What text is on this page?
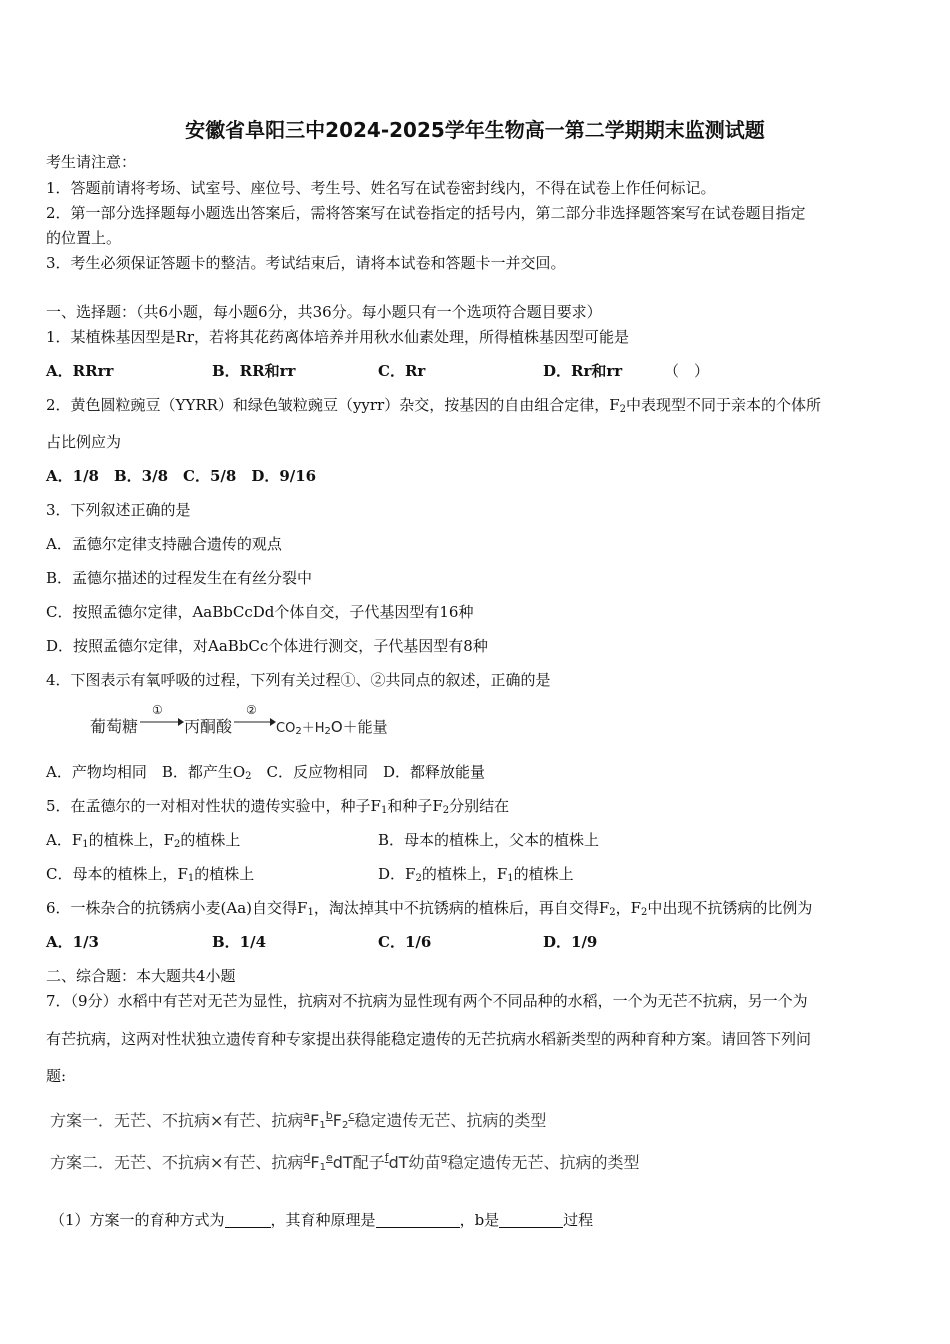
安徽省阜阳三中2024-2025学年生物高一第二学期期末监测试题
考生请注意：
1．答题前请将考场、试室号、座位号、考生号、姓名写在试卷密封线内，不得在试卷上作任何标记。
2．第一部分选择题每小题选出答案后，需将答案写在试卷指定的括号内，第二部分非选择题答案写在试卷题目指定
的位置上。
3．考生必须保证答题卡的整洁。考试结束后，请将本试卷和答题卡一并交回。
一、选择题：（共6小题，每小题6分，共36分。每小题只有一个选项符合题目要求）
1．某植株基因型是Rr，若将其花药离体培养并用秋水仙素处理，所得植株基因型可能是
A．RRrr	B．RR和rr	C．Rr	D．Rr和rr	（　）
2．黄色圆粒豌豆（YYRR）和绿色皱粒豌豆（yyrr）杂交，按基因的自由组合定律，$F_2$中表现型不同于亲本的个体所
占比例应为
A．1/8　B．3/8　C．5/8　D．9/16
3．下列叙述正确的是
A．孟德尔定律支持融合遗传的观点
B．孟德尔描述的过程发生在有丝分裂中
C．按照孟德尔定律，AaBbCcDd个体自交，子代基因型有16种
D．按照孟德尔定律，对AaBbCc个体进行测交，子代基因型有8种
4．下图表示有氧呼吸的过程，下列有关过程①、②共同点的叙述，正确的是
葡萄糖
①
丙酮酸
②
$CO_2+H_2O+$能量
A．产物均相同　B．都产生$O_2$　C．反应物相同　D．都释放能量
5．在孟德尔的一对相对性状的遗传实验中，种子$F_1$和种子$F_2$分别结在
A．$F_1$的植株上，$F_2$的植株上	B．母本的植株上，父本的植株上
C．母本的植株上，$F_1$的植株上	D．$F_2$的植株上，$F_1$的植株上
6．一株杂合的抗锈病小麦(Aa)自交得$F_1$，淘汰掉其中不抗锈病的植株后，再自交得$F_2$，$F_2$中出现不抗锈病的比例为
A．1/3	B．1/4	C．1/6	D．1/9
二、综合题：本大题共4小题
7．（9分）水稻中有芒对无芒为显性，抗病对不抗病为显性现有两个不同品种的水稻，一个为无芒不抗病，另一个为
有芒抗病，这两对性状独立遗传育种专家提出获得能稳定遗传的无芒抗病水稻新类型的两种育种方案。请回答下列问
题:
方案一．无芒、不抗病×有芒、抗病$^aF_1^bF_2^c$稳定遗传无芒、抗病的类型
方案二．无芒、不抗病×有芒、抗病$^dF_1^edT$配子$^f$dT幼苗$^g$稳定遗传无芒、抗病的类型
（1）方案一的育种方式为	，其育种原理是	，b是	过程
